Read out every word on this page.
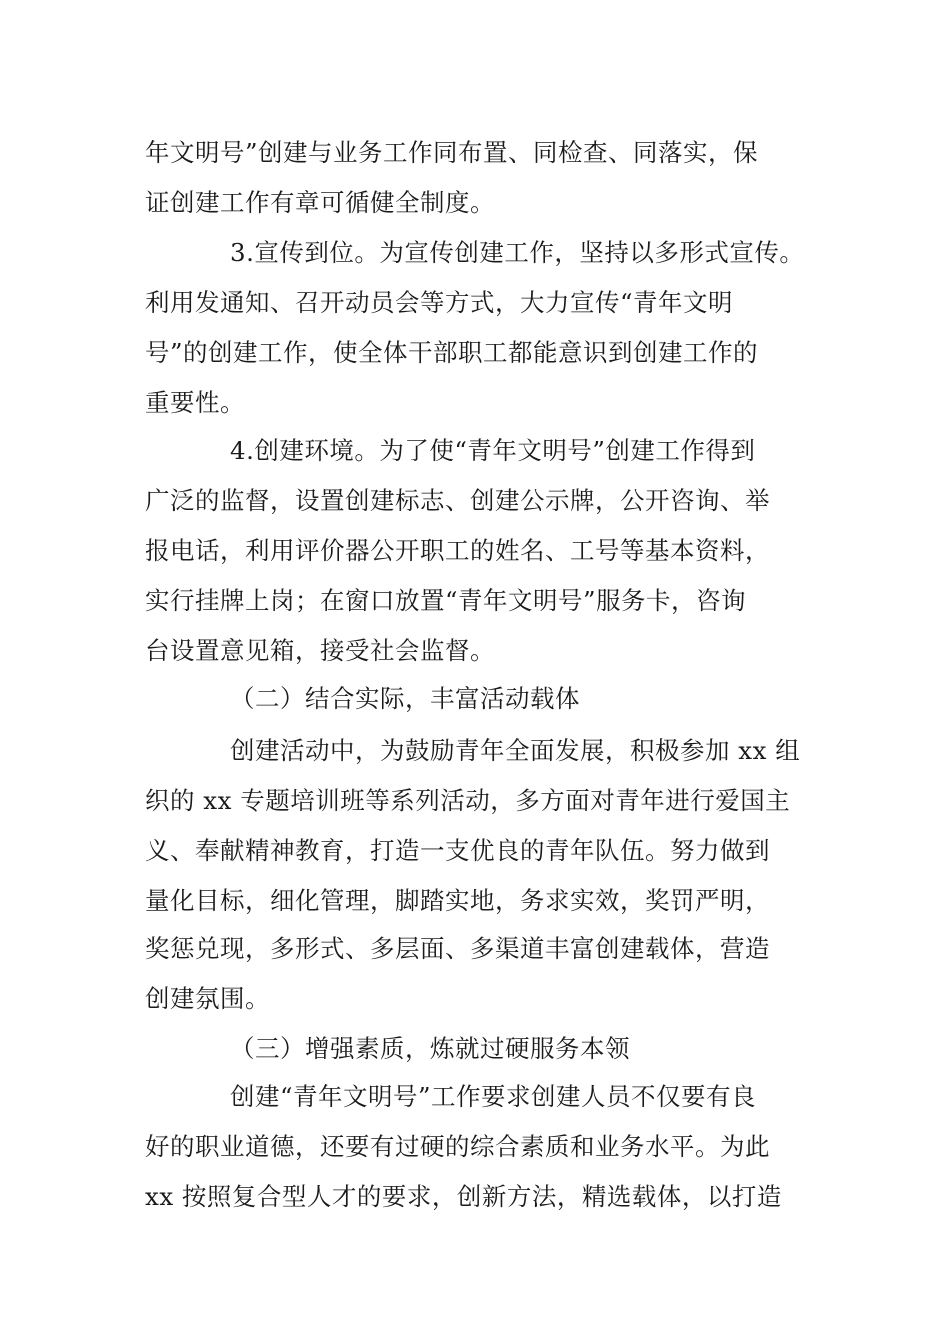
年文明号”创建与业务工作同布置、同检查、同落实，保
证创建工作有章可循健全制度。
3.宣传到位。为宣传创建工作，坚持以多形式宣传。
利用发通知、召开动员会等方式，大力宣传“青年文明
号”的创建工作，使全体干部职工都能意识到创建工作的
重要性。
4.创建环境。为了使“青年文明号”创建工作得到
广泛的监督，设置创建标志、创建公示牌，公开咨询、举
报电话，利用评价器公开职工的姓名、工号等基本资料，
实行挂牌上岗；在窗口放置“青年文明号”服务卡，咨询
台设置意见箱，接受社会监督。
（二）结合实际，丰富活动载体
创建活动中，为鼓励青年全面发展，积极参加 xx 组
织的 xx 专题培训班等系列活动，多方面对青年进行爱国主
义、奉献精神教育，打造一支优良的青年队伍。努力做到
量化目标，细化管理，脚踏实地，务求实效，奖罚严明，
奖惩兑现，多形式、多层面、多渠道丰富创建载体，营造
创建氛围。
（三）增强素质，炼就过硬服务本领
创建“青年文明号”工作要求创建人员不仅要有良
好的职业道德，还要有过硬的综合素质和业务水平。为此
xx 按照复合型人才的要求，创新方法，精选载体，以打造
